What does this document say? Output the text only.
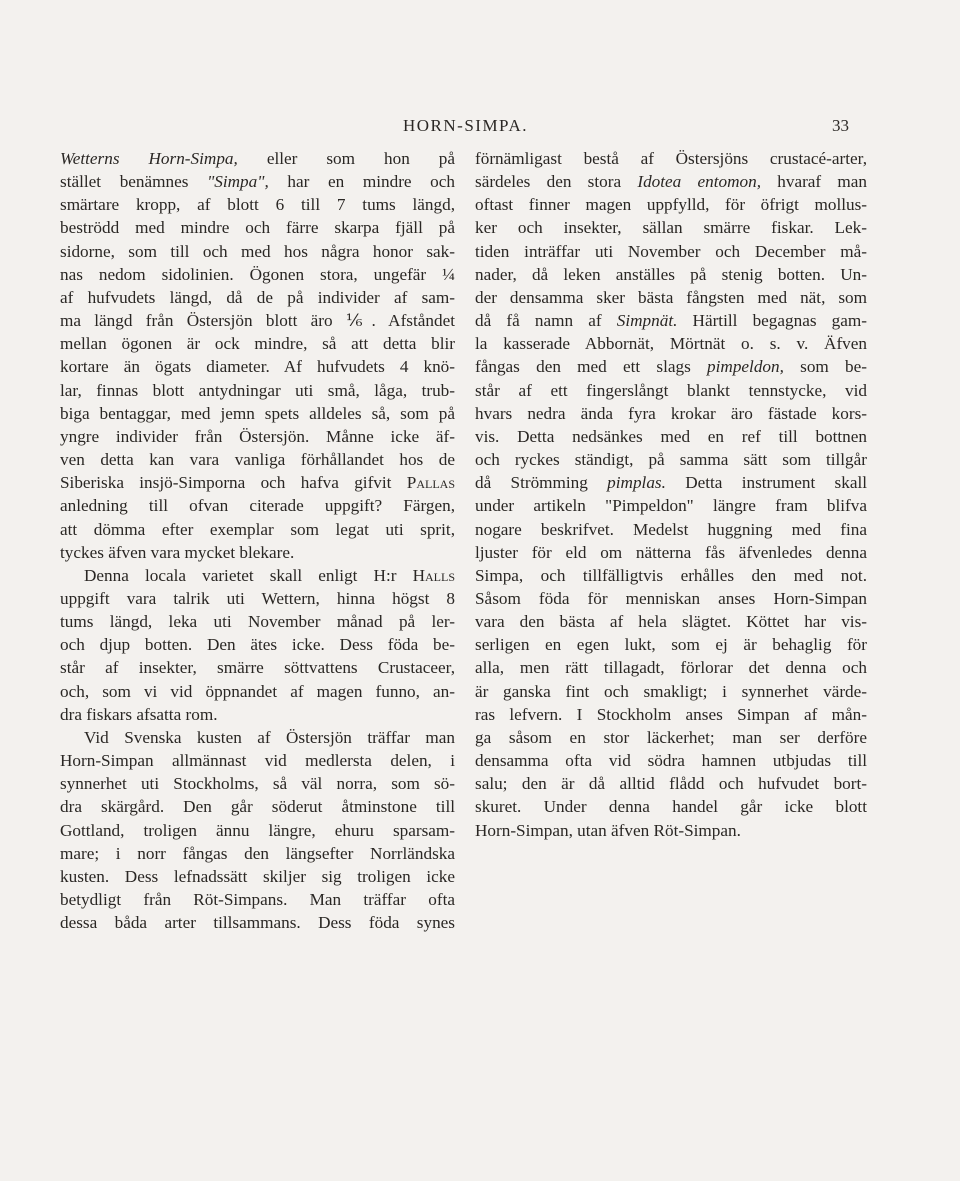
HORN-SIMPA.	33
Wetterns Horn-Simpa, eller som hon på
stället benämnes "Simpa", har en mindre och
smärtare kropp, af blott 6 till 7 tums längd,
beströdd med mindre och färre skarpa fjäll på
sidorne, som till och med hos några honor sak-
nas nedom sidolinien. Ögonen stora, ungefär ¼
af hufvudets längd, då de på individer af sam-
ma längd från Östersjön blott äro ⅙. Afståndet
mellan ögonen är ock mindre, så att detta blir
kortare än ögats diameter. Af hufvudets 4 knö-
lar, finnas blott antydningar uti små, låga, trub-
biga bentaggar, med jemn spets alldeles så, som på
yngre individer från Östersjön. Månne icke äf-
ven detta kan vara vanliga förhållandet hos de
Siberiska insjö-Simporna och hafva gifvit Pallas
anledning till ofvan citerade uppgift? Färgen,
att dömma efter exemplar som legat uti sprit,
tyckes äfven vara mycket blekare.
Denna locala varietet skall enligt H:r Halls
uppgift vara talrik uti Wettern, hinna högst 8
tums längd, leka uti November månad på ler-
och djup botten. Den ätes icke. Dess föda be-
står af insekter, smärre söttvattens Crustaceer,
och, som vi vid öppnandet af magen funno, an-
dra fiskars afsatta rom.
Vid Svenska kusten af Östersjön träffar man
Horn-Simpan allmännast vid medlersta delen, i
synnerhet uti Stockholms, så väl norra, som sö-
dra skärgård. Den går söderut åtminstone till
Gottland, troligen ännu längre, ehuru sparsam-
mare; i norr fångas den längsefter Norrländska
kusten. Dess lefnadssätt skiljer sig troligen icke
betydligt från Röt-Simpans. Man träffar ofta
dessa båda arter tillsammans. Dess föda synes
förnämligast bestå af Östersjöns crustacé-arter,
särdeles den stora Idotea entomon, hvaraf man
oftast finner magen uppfylld, för öfrigt mollus-
ker och insekter, sällan smärre fiskar. Lek-
tiden inträffar uti November och December må-
nader, då leken anställes på stenig botten. Un-
der densamma sker bästa fångsten med nät, som
då få namn af Simpnät. Härtill begagnas gam-
la kasserade Abbornät, Mörtnät o. s. v. Äfven
fångas den med ett slags pimpeldon, som be-
står af ett fingerslångt blankt tennstycke, vid
hvars nedra ända fyra krokar äro fästade kors-
vis. Detta nedsänkes med en ref till bottnen
och ryckes ständigt, på samma sätt som tillgår
då Strömming pimplas. Detta instrument skall
under artikeln "Pimpeldon" längre fram blifva
nogare beskrifvet. Medelst huggning med fina
ljuster för eld om nätterna fås äfvenledes denna
Simpa, och tillfälligtvis erhålles den med not.
Såsom föda för menniskan anses Horn-Simpan
vara den bästa af hela slägtet. Köttet har vis-
serligen en egen lukt, som ej är behaglig för
alla, men rätt tillagadt, förlorar det denna och
är ganska fint och smakligt; i synnerhet värde-
ras lefvern. I Stockholm anses Simpan af mån-
ga såsom en stor läckerhet; man ser derföre
densamma ofta vid södra hamnen utbjudas till
salu; den är då alltid flådd och hufvudet bort-
skuret. Under denna handel går icke blott
Horn-Simpan, utan äfven Röt-Simpan.
